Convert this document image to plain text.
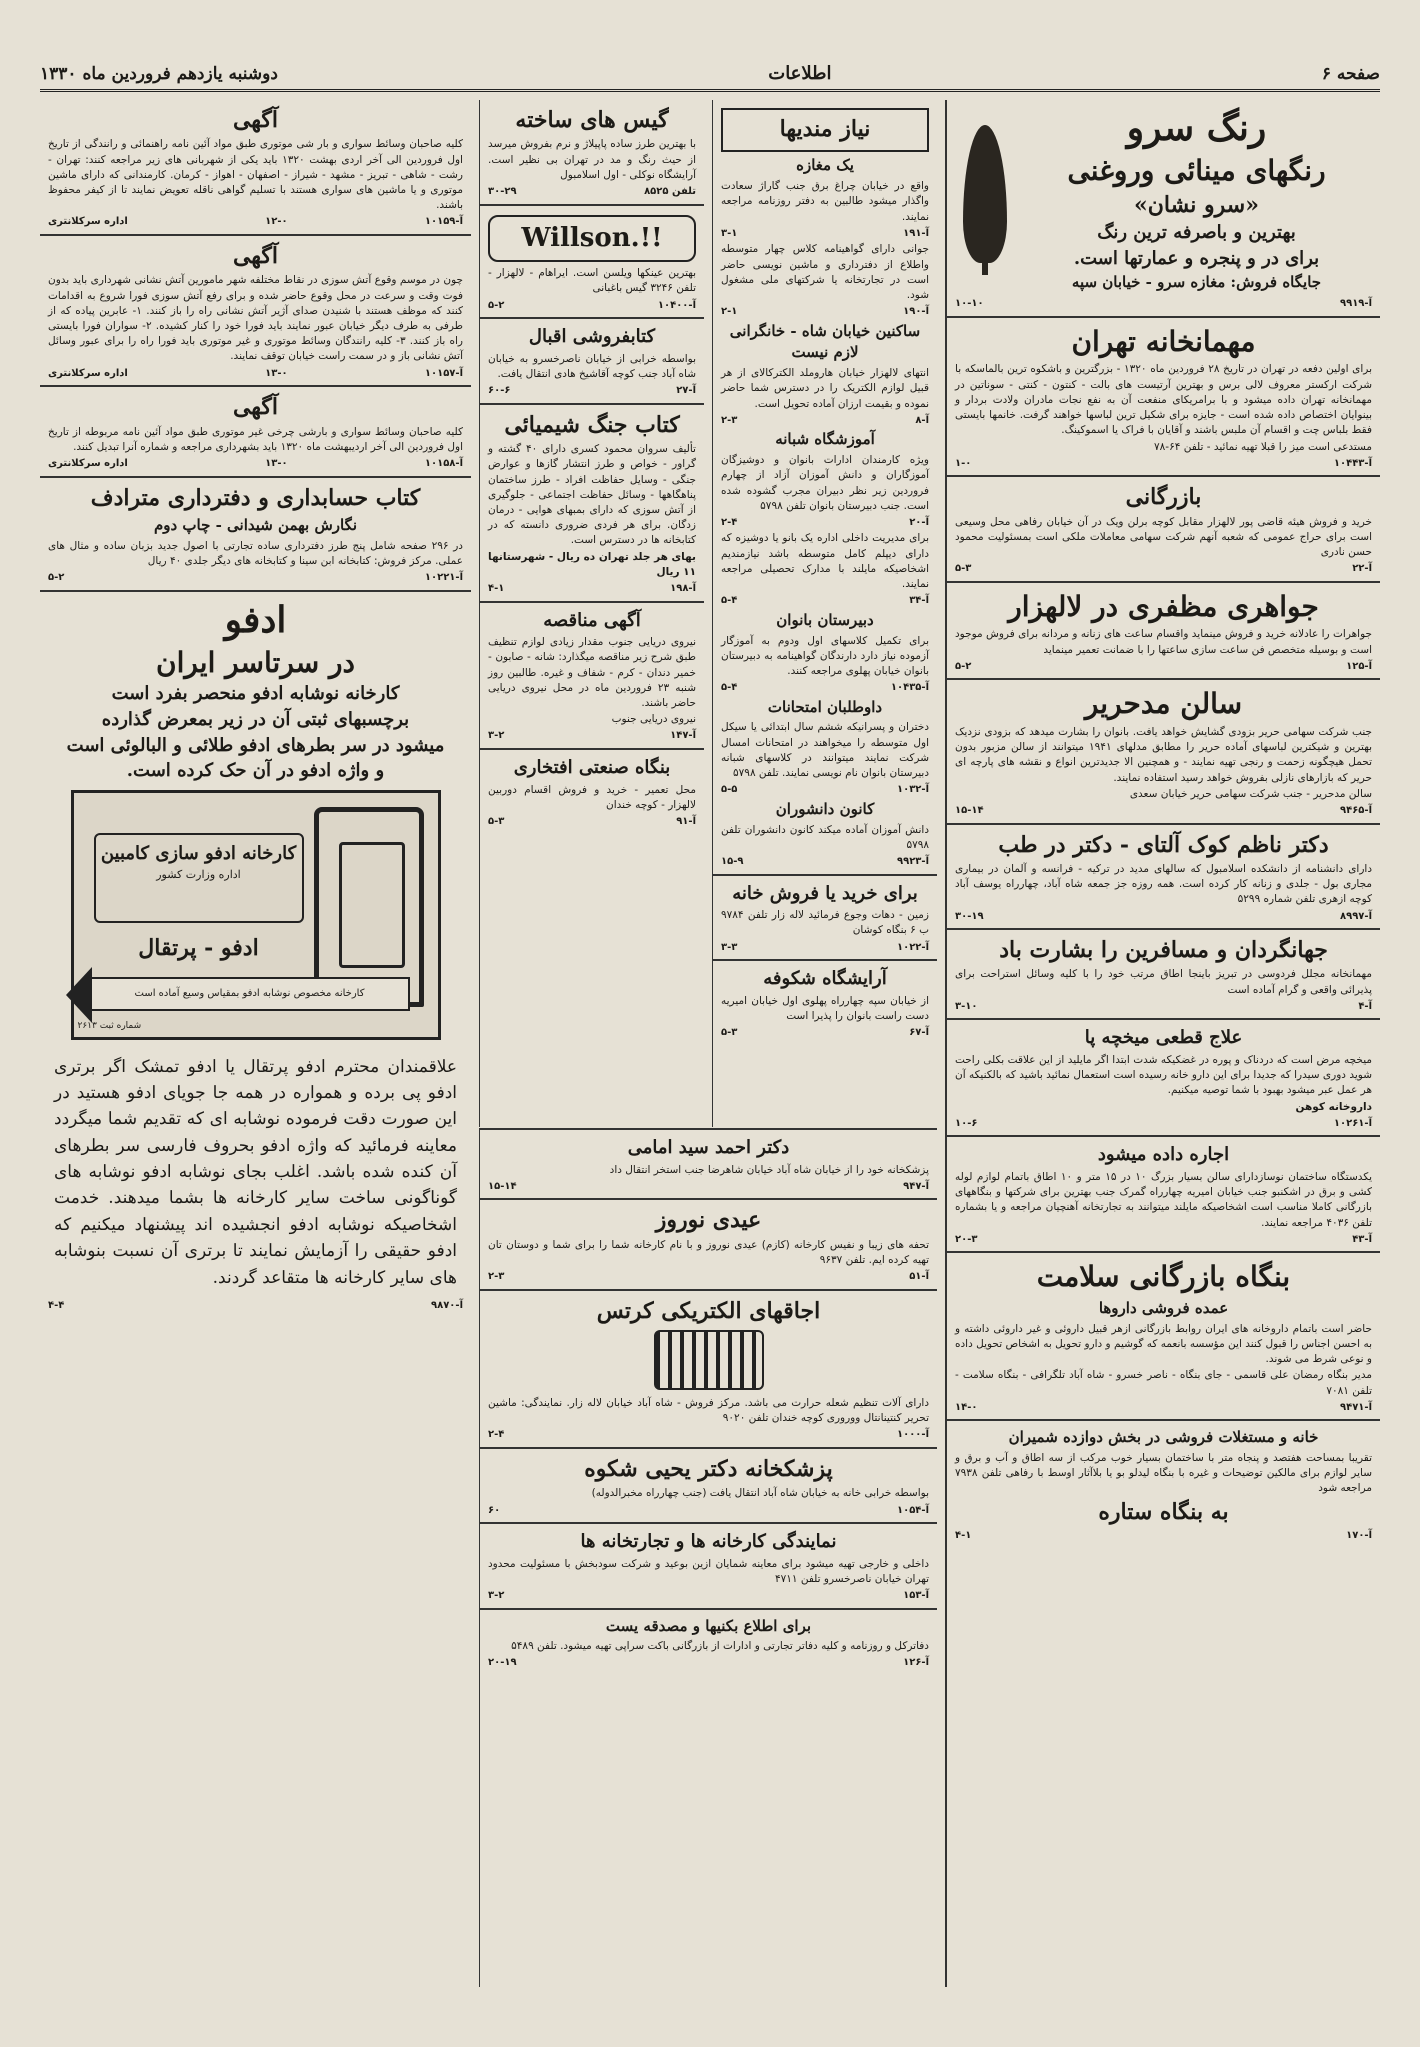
صفحه ۶
اطلاعات
دوشنبه یازدهم فروردین ماه ۱۳۳۰
رنگ سرو
رنگهای مینائی وروغنی
«سرو نشان»
بهترین و باصرفه ترین رنگ
برای در و پنجره و عمارتها است.
جایگاه فروش: مغازه سرو - خیابان سپه
آ-۹۹۱۹
۱۰-۱۰
مهمانخانه تهران

برای اولین دفعه در تهران در تاریخ ۲۸ فروردین ماه ۱۳۲۰ - بزرگترین و باشکوه ترین بالماسکه با شرکت ارکستر معروف لالی برس و بهترین آرتیست های بالت - کنتون - کنتی - سوناتین در مهمانخانه تهران داده میشود و با برامریکای منفعت آن به نفع نجات مادران ولادت بردار و بینوایان اختصاص داده شده است - جایزه برای شکیل ترین لباسها خواهند گرفت. خانمها بایستی فقط بلباس چت و اقسام آن ملبس باشند و آقایان با فراک یا اسموکینگ.

مستدعی است میز را قبلا تهیه نمائید - تلفن ۶۴-۷۸

آ-۱۰۴۴۳
۱-۰
بازرگانی

خرید و فروش هیئه قاضی پور لالهزار مقابل کوچه برلن ویک در آن خیابان رفاهی محل وسیعی است برای حراج عمومی که شعبه آنهم شرکت سهامی معاملات ملکی است بمسئولیت محمود حسن نادری

آ-۲۲
۵-۳
جواهری مظفری در لالهزار

جواهرات را عادلانه خرید و فروش مینماید واقسام ساعت های زنانه و مردانه برای فروش موجود است و بوسیله متخصص فن ساعت سازی ساعتها را با ضمانت تعمیر مینماید

آ-۱۲۵
۵-۲
سالن مدحریر

جنب شرکت سهامی حریر بزودی گشایش خواهد یافت. بانوان را بشارت میدهد که بزودی نزدیک بهترین و شیکترین لباسهای آماده حریر را مطابق مدلهای ۱۹۴۱ میتوانند از سالن مزبور بدون تحمل هیچگونه زحمت و رنجی تهیه نمایند - و همچنین الا جدیدترین انواع و نقشه های پارچه ای حریر که بازارهای نازلی بفروش خواهد رسید استفاده نمایند.

سالن مدحریر - جنب شرکت سهامی حریر خیابان سعدی

آ-۹۴۶۵
۱۵-۱۴
دکتر ناظم کوک آلتای - دکتر در طب

دارای دانشنامه از دانشکده اسلامبول که سالهای مدید در ترکیه - فرانسه و آلمان در بیماری مجاری بول - جلدی و زنانه کار کرده است. همه روزه جز جمعه شاه آباد، چهارراه یوسف آباد کوچه ازهری تلفن شماره ۵۲۹۹

آ-۸۹۹۷
۳۰-۱۹
جهانگردان و مسافرین را بشارت باد

مهمانخانه مجلل فردوسی در تبریز باینجا اطاق مرتب خود را با کلیه وسائل استراحت برای پذیرائی واقعی و گرام آماده است

آ-۴
۳-۱۰
علاج قطعی میخچه پا

میخچه مرض است که دردناک و پوره در غضکیکه شدت ابتدا اگر مایلید از این علاقت بکلی راحت شوید دوری سیدرا که جدیدا برای این دارو خانه رسیده است استعمال نمائید باشید که بالکنیکه آن هر عمل عبر میشود بهبود با شما توصیه میکنیم.

داروخانه کوهن

آ-۱۰۲۶۱
۱۰-۶
اجاره داده میشود

یکدستگاه ساختمان نوسازدارای سالن بسیار بزرگ ۱۰ در ۱۵ متر و ۱۰ اطاق باتمام لوازم لوله کشی و برق در اشکنبو جنب خیابان امیریه چهارراه گمرک جنب بهترین برای شرکتها و بنگاههای بازرگانی کاملا مناسب است اشخاصیکه مایلند میتوانند به تجارتخانه آهنچیان مراجعه و یا بشماره تلفن ۴۰۳۶ مراجعه نمایند.

آ-۴۳
۲۰-۳
بنگاه بازرگانی سلامت
عمده فروشی داروها

حاضر است باتمام داروخانه های ایران روابط بازرگانی ازهر قبیل داروئی و غیر داروئی داشته و به احسن اجناس را قبول کنند این مؤسسه بانعمه که گوشیم و دارو تحویل به اشخاص تحویل داده و نوعی شرط می شوند.

مدیر بنگاه رمضان علی قاسمی - جای بنگاه - ناصر خسرو - شاه آباد تلگرافی - بنگاه سلامت - تلفن ۷۰۸۱

آ-۹۴۷۱
۱۴-۰
خانه و مستغلات فروشی در بخش دوازده شمیران

تقریبا بمساحت هفتصد و پنجاه متر با ساختمان بسیار خوب مرکب از سه اطاق و آب و برق و سایر لوازم برای مالکین توضیحات و غیره با بنگاه لیدلو بو یا بلاآثار اوسط با رفاهی تلفن ۷۹۳۸ مراجعه شود

به بنگاه ستاره
آ-۱۷۰
۴-۱
نیاز مندیها
یک مغازه

واقع در خیابان چراغ برق جنب گاراژ سعادت واگذار میشود طالبین به دفتر روزنامه مراجعه نمایند.

آ-۱۹۱
۳-۱

جوانی دارای گواهینامه کلاس چهار متوسطه واطلاع از دفترداری و ماشین نویسی حاضر است در تجارتخانه یا شرکتهای ملی مشغول شود.

آ-۱۹۰
۲-۱
ساکنین خیابان شاه - خانگرانی لازم نیست

انتهای لالهزار خیابان هاروملد الکترکالای از هر قبیل لوازم الکتریک را در دسترس شما حاضر نموده و بقیمت ارزان آماده تحویل است.

آ-۸
۲-۳
آموزشگاه شبانه

ویژه کارمندان ادارات بانوان و دوشیزگان آموزگاران و دانش آموزان آزاد از چهارم فروردین زیر نظر دبیران مجرب گشوده شده است. جنب دبیرستان بانوان تلفن ۵۷۹۸

آ-۲۰
۲-۴

برای مدیریت داخلی اداره یک بانو یا دوشیزه که دارای دیپلم کامل متوسطه باشد نیازمندیم اشخاصیکه مایلند با مدارک تحصیلی مراجعه نمایند.

آ-۳۴
۵-۴
دبیرستان بانوان

برای تکمیل کلاسهای اول ودوم به آموزگار آزموده نیاز دارد دارندگان گواهینامه به دبیرستان بانوان خیابان پهلوی مراجعه کنند.

آ-۱۰۴۳۵
۵-۴
داوطلبان امتحانات

دختران و پسرانیکه ششم سال ابتدائی یا سیکل اول متوسطه را میخواهند در امتحانات امسال شرکت نمایند میتوانند در کلاسهای شبانه دبیرستان بانوان نام نویسی نمایند. تلفن ۵۷۹۸

آ-۱۰۳۲
۵-۵
کانون دانشوران

دانش آموزان آماده میکند کانون دانشوران تلفن ۵۷۹۸

آ-۹۹۲۳
۱۵-۹
برای خرید یا فروش خانه

زمین - دهات وجوع فرمائید لاله زار تلفن ۹۷۸۴ ب ۶ بنگاه کوشان

آ-۱۰۲۲
۳-۳
آرایشگاه شکوفه

از خیابان سپه چهارراه پهلوی اول خیابان امیریه دست راست بانوان را پذیرا است

آ-۶۷
۵-۳
گیس های ساخته

با بهترین طرز ساده پاپیلاژ و نرم بفروش میرسد از حیث رنگ و مد در تهران بی نظیر است. آرایشگاه نوکلی - اول اسلامبول

تلفن ۸۵۲۵
۳۰-۲۹
Willson.!!

بهترین عینکها ویلسن است. ایراهام - لالهزار - تلفن ۳۲۴۶ گیس باغبانی

آ-۱۰۴۰۰
۵-۲
کتابفروشی اقبال

بواسطه خرابی از خیابان ناصرخسرو به خیابان شاه آباد جنب کوچه آقاشیخ هادی انتقال یافت.

آ-۲۷
۶۰-۶
کتاب جنگ شیمیائی

تألیف سروان محمود کسری دارای ۴۰ گشته و گراور - خواص و طرز انتشار گازها و عوارض جنگی - وسایل حفاظت افراد - طرز ساختمان پناهگاهها - وسائل حفاظت اجتماعی - جلوگیری از آتش سوزی که دارای بمبهای هوایی - درمان زدگان. برای هر فردی ضروری دانسته که در کتابخانه ها در دسترس است.

بهای هر جلد تهران ده ریال - شهرستانها ۱۱ ریال

آ-۱۹۸
۴-۱
آگهی مناقصه

نیروی دریایی جنوب مقدار زیادی لوازم تنظیف طبق شرح زیر مناقصه میگذارد: شانه - صابون - خمیر دندان - کرم - شفاف و غیره. طالبین روز شنبه ۲۳ فروردین ماه در محل نیروی دریایی حاضر باشند.

نیروی دریایی جنوب

آ-۱۴۷
۳-۲
بنگاه صنعتی افتخاری

محل تعمیر - خرید و فروش اقسام دوربین لالهزار - کوچه خندان

آ-۹۱
۵-۳
دکتر احمد سید امامی

پزشکخانه خود را از خیابان شاه آباد خیابان شاهرضا جنب استخر انتقال داد

آ-۹۴۷
۱۵-۱۴
عیدی نوروز

تحفه های زیبا و نفیس کارخانه (کازم) عیدی نوروز و با نام کارخانه شما را برای شما و دوستان تان تهیه کرده ایم. تلفن ۹۶۳۷

آ-۵۱
۲-۳
اجاقهای الکتریکی کرتس

دارای آلات تنظیم شعله حرارت می باشد. مرکز فروش - شاه آباد خیابان لاله زار. نمایندگی: ماشین تحریر کنتینانتال ووروری کوچه خندان تلفن ۹۰۲۰

آ-۱۰۰۰
۲-۴
پزشکخانه دکتر یحیی شکوه

بواسطه خرابی خانه به خیابان شاه آباد انتقال یافت (جنب چهارراه مخبرالدوله)

آ-۱۰۵۴
۶۰
نمایندگی کارخانه ها و تجارتخانه ها

داخلی و خارجی تهیه میشود برای معاینه شمایان ازین بوعید و شرکت سودبخش با مسئولیت محدود تهران خیابان ناصرخسرو تلفن ۴۷۱۱

آ-۱۵۳
۳-۲
برای اطلاع بکنیها و مصدقه یست

دفاترکل و روزنامه و کلیه دفاتر تجارتی و ادارات از بازرگانی باکت سراپی تهیه میشود. تلفن ۵۴۸۹

آ-۱۲۶
۲۰-۱۹
آگهی

کلیه صاحبان وسائط سواری و بار شی موتوری طبق مواد آئین نامه راهنمائی و رانندگی از تاریخ اول فروردین الی آخر اردی بهشت ۱۳۲۰ باید یکی از شهربانی های زیر مراجعه کنند: تهران - رشت - شاهی - تبریز - مشهد - شیراز - اصفهان - اهواز - کرمان. کارمندانی که دارای ماشین موتوری و یا ماشین های سواری هستند با تسلیم گواهی ناقله تعویض نمایند تا از کیفر محفوظ باشند.

آ-۱۰۱۵۹
۱۲-۰
اداره سرکلانتری
آگهی

چون در موسم وقوع آتش سوزی در نقاط مختلفه شهر مامورین آتش نشانی شهرداری باید بدون فوت وقت و سرعت در محل وقوع حاضر شده و برای رفع آتش سوزی فورا شروع به اقدامات کنند که موظف هستند با شنیدن صدای آژیر آتش نشانی راه را باز کنند. ۱- عابرین پیاده که از طرفی به طرف دیگر خیابان عبور نمایند باید فورا خود را کنار کشیده. ۲- سواران فورا بایستی راه باز کنند. ۳- کلیه رانندگان وسائط موتوری و غیر موتوری باید فورا راه را برای عبور وسائل آتش نشانی باز و در سمت راست خیابان توقف نمایند.

آ-۱۰۱۵۷
۱۳-۰
اداره سرکلانتری
آگهی

کلیه صاحبان وسائط سواری و بارشی چرخی غیر موتوری طبق مواد آئین نامه مربوطه از تاریخ اول فروردین الی آخر اردیبهشت ماه ۱۳۲۰ باید بشهرداری مراجعه و شماره آنرا تبدیل کنند.

آ-۱۰۱۵۸
۱۳-۰
اداره سرکلانتری
کتاب حسابداری و دفترداری مترادف
نگارش بهمن شیدانی - چاپ دوم

در ۲۹۶ صفحه شامل پنج طرز دفترداری ساده تجارتی با اصول جدید بزبان ساده و مثال های عملی. مرکز فروش: کتابخانه ابن سینا و کتابخانه های دیگر جلدی ۴۰ ریال

آ-۱۰۲۲۱
۵-۲
ادفو
در سرتاسر ایران
کارخانه نوشابه ادفو منحصر بفرد است
برچسبهای ثبتی آن در زیر بمعرض گذارده
میشود در سر بطرهای ادفو طلائی و البالوئی است
و واژه ادفو در آن حک کرده است.
کارخانه ادفو سازی کامبین
اداره وزارت کشور
ادفو - پرتقال
کارخانه مخصوص نوشابه ادفو بمقیاس وسیع آماده است
شماره ثبت ۲۶۱۳
علاقمندان محترم ادفو پرتقال یا ادفو تمشک اگر برتری ادفو پی برده و همواره در همه جا جویای ادفو هستید در این صورت دقت فرموده نوشابه ای که تقدیم شما میگردد معاینه فرمائید که واژه ادفو بحروف فارسی سر بطرهای آن کنده شده باشد. اغلب بجای نوشابه ادفو نوشابه های گوناگونی ساخت سایر کارخانه ها بشما میدهند. خدمت اشخاصیکه نوشابه ادفو انجشیده اند پیشنهاد میکنیم که ادفو حقیقی را آزمایش نمایند تا برتری آن نسبت بنوشابه های سایر کارخانه ها متقاعد گردند.
آ-۹۸۷۰
۴-۴
